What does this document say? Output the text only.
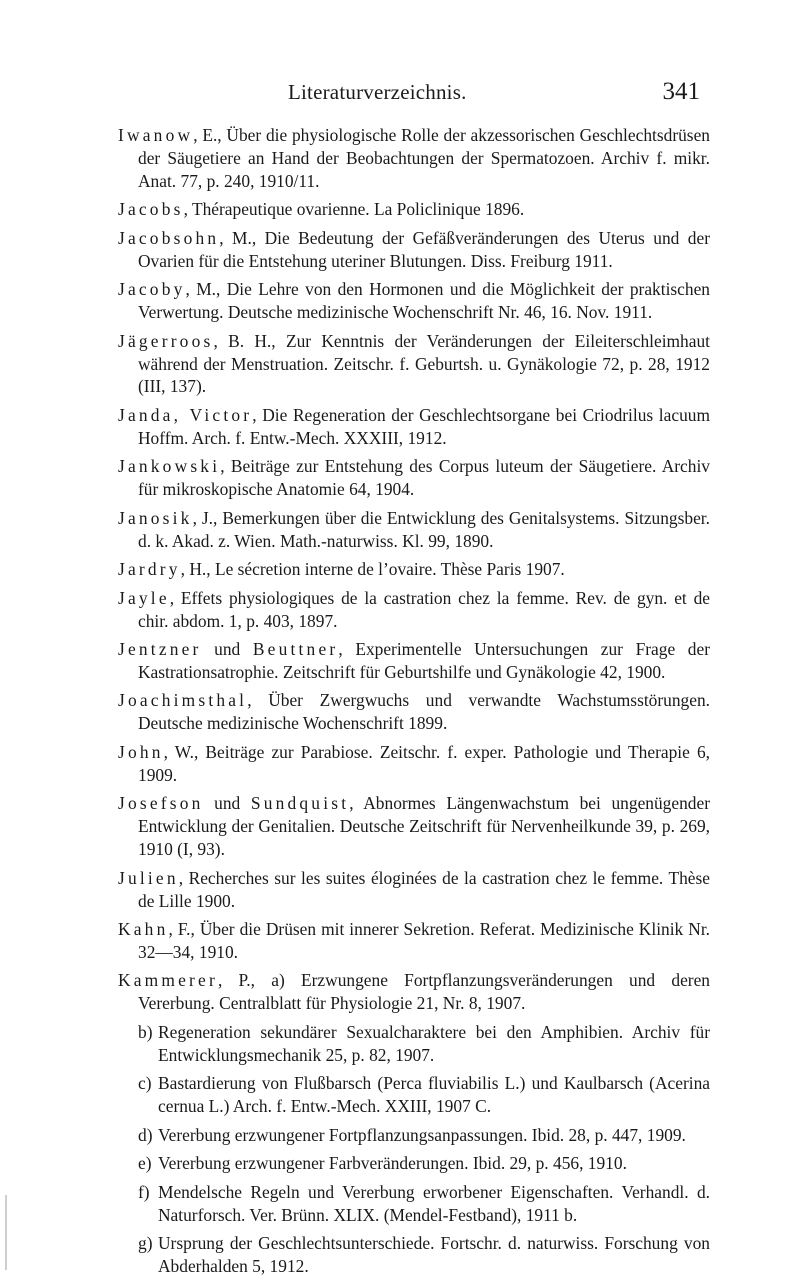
Literaturverzeichnis.	341
Iwanow, E., Über die physiologische Rolle der akzessorischen Geschlechtsdrüsen der Säugetiere an Hand der Beobachtungen der Spermatozoen. Archiv f. mikr. Anat. 77, p. 240, 1910/11.
Jacobs, Thérapeutique ovarienne. La Policlinique 1896.
Jacobsohn, M., Die Bedeutung der Gefäßveränderungen des Uterus und der Ovarien für die Entstehung uteriner Blutungen. Diss. Freiburg 1911.
Jacoby, M., Die Lehre von den Hormonen und die Möglichkeit der praktischen Verwertung. Deutsche medizinische Wochenschrift Nr. 46, 16. Nov. 1911.
Jägerroos, B. H., Zur Kenntnis der Veränderungen der Eileiterschleimhaut während der Menstruation. Zeitschr. f. Geburtsh. u. Gynäkologie 72, p. 28, 1912 (III, 137).
Janda, Victor, Die Regeneration der Geschlechtsorgane bei Criodrilus lacuum Hoffm. Arch. f. Entw.-Mech. XXXIII, 1912.
Jankowski, Beiträge zur Entstehung des Corpus luteum der Säugetiere. Archiv für mikroskopische Anatomie 64, 1904.
Janosik, J., Bemerkungen über die Entwicklung des Genitalsystems. Sitzungsber. d. k. Akad. z. Wien. Math.-naturwiss. Kl. 99, 1890.
Jardry, H., Le sécretion interne de l’ovaire. Thèse Paris 1907.
Jayle, Effets physiologiques de la castration chez la femme. Rev. de gyn. et de chir. abdom. 1, p. 403, 1897.
Jentzner und Beuttner, Experimentelle Untersuchungen zur Frage der Kastrationsatrophie. Zeitschrift für Geburtshilfe und Gynäkologie 42, 1900.
Joachimsthal, Über Zwergwuchs und verwandte Wachstumsstörungen. Deutsche medizinische Wochenschrift 1899.
John, W., Beiträge zur Parabiose. Zeitschr. f. exper. Pathologie und Therapie 6, 1909.
Josefson und Sundquist, Abnormes Längenwachstum bei ungenügender Entwicklung der Genitalien. Deutsche Zeitschrift für Nervenheilkunde 39, p. 269, 1910 (I, 93).
Julien, Recherches sur les suites éloginées de la castration chez le femme. Thèse de Lille 1900.
Kahn, F., Über die Drüsen mit innerer Sekretion. Referat. Medizinische Klinik Nr. 32—34, 1910.
Kammerer, P., a) Erzwungene Fortpflanzungsveränderungen und deren Vererbung. Centralblatt für Physiologie 21, Nr. 8, 1907.
b) Regeneration sekundärer Sexualcharaktere bei den Amphibien. Archiv für Entwicklungsmechanik 25, p. 82, 1907.
c) Bastardierung von Flußbarsch (Perca fluviabilis L.) und Kaulbarsch (Acerina cernua L.) Arch. f. Entw.-Mech. XXIII, 1907 C.
d) Vererbung erzwungener Fortpflanzungsanpassungen. Ibid. 28, p. 447, 1909.
e) Vererbung erzwungener Farbveränderungen. Ibid. 29, p. 456, 1910.
f) Mendelsche Regeln und Vererbung erworbener Eigenschaften. Verhandl. d. Naturforsch. Ver. Brünn. XLIX. (Mendel-Festband), 1911 b.
g) Ursprung der Geschlechtsunterschiede. Fortschr. d. naturwiss. Forschung von Abderhalden 5, 1912.
